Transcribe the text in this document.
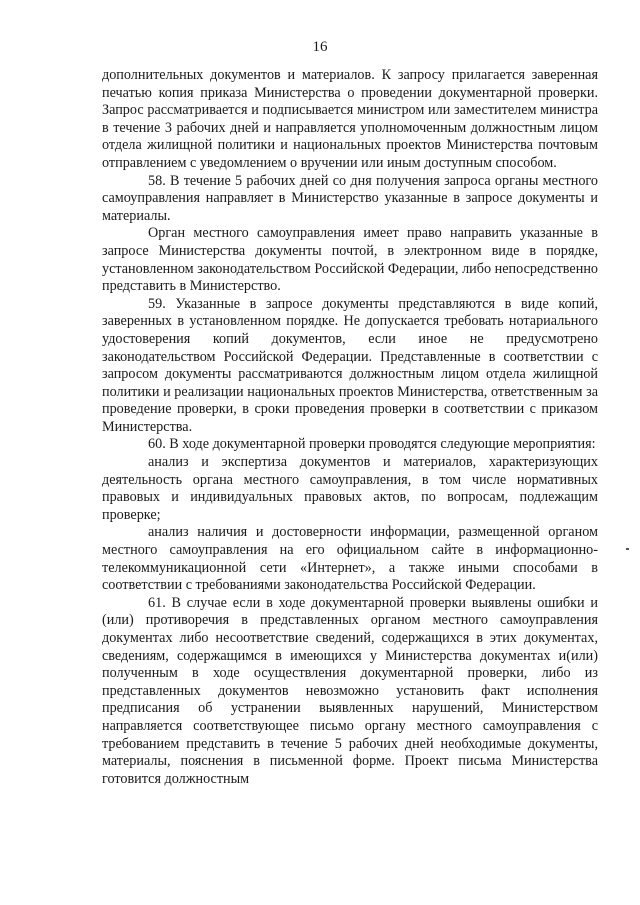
16

дополнительных документов и материалов. К запросу прилагается заверенная печатью копия приказа Министерства о проведении документарной проверки. Запрос рассматривается и подписывается министром или заместителем министра в течение 3 рабочих дней и направляется уполномоченным должностным лицом отдела жилищной политики и национальных проектов Министерства почтовым отправлением с уведомлением о вручении или иным доступным способом.

58. В течение 5 рабочих дней со дня получения запроса органы местного самоуправления направляет в Министерство указанные в запросе документы и материалы.

Орган местного самоуправления имеет право направить указанные в запросе Министерства документы почтой, в электронном виде в порядке, установленном законодательством Российской Федерации, либо непосредственно представить в Министерство.

59. Указанные в запросе документы представляются в виде копий, заверенных в установленном порядке. Не допускается требовать нотариального удостоверения копий документов, если иное не предусмотрено законодательством Российской Федерации. Представленные в соответствии с запросом документы рассматриваются должностным лицом отдела жилищной политики и реализации национальных проектов Министерства, ответственным за проведение проверки, в сроки проведения проверки в соответствии с приказом Министерства.

60. В ходе документарной проверки проводятся следующие мероприятия:

анализ и экспертиза документов и материалов, характеризующих деятельность органа местного самоуправления, в том числе нормативных правовых и индивидуальных правовых актов, по вопросам, подлежащим проверке;

анализ наличия и достоверности информации, размещенной органом местного самоуправления на его официальном сайте в информационно-телекоммуникационной сети «Интернет», а также иными способами в соответствии с требованиями законодательства Российской Федерации.

61. В случае если в ходе документарной проверки выявлены ошибки и (или) противоречия в представленных органом местного самоуправления документах либо несоответствие сведений, содержащихся в этих документах, сведениям, содержащимся в имеющихся у Министерства документах и(или) полученным в ходе осуществления документарной проверки, либо из представленных документов невозможно установить факт исполнения предписания об устранении выявленных нарушений, Министерством направляется соответствующее письмо органу местного самоуправления с требованием представить в течение 5 рабочих дней необходимые документы, материалы, пояснения в письменной форме. Проект письма Министерства готовится должностным
